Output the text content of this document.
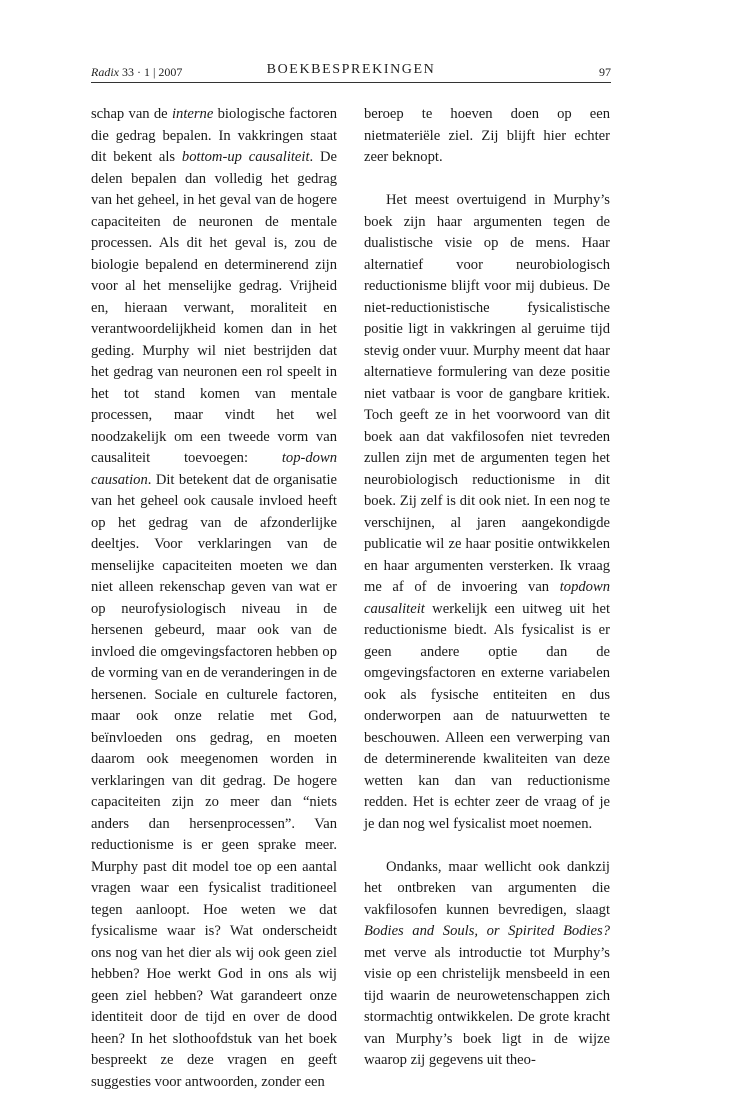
Radix 33 · 1 | 2007	BOEKBESPREKINGEN	97

schap van de interne biologische factoren die gedrag bepalen. In vakkringen staat dit bekent als bottom-up causaliteit. De delen bepalen dan volledig het gedrag van het geheel, in het geval van de hogere capaciteiten de neuronen de mentale processen. Als dit het geval is, zou de biologie bepalend en determinerend zijn voor al het menselijke gedrag. Vrijheid en, hieraan verwant, moraliteit en verantwoordelijkheid komen dan in het geding. Murphy wil niet bestrijden dat het gedrag van neuronen een rol speelt in het tot stand komen van mentale processen, maar vindt het wel noodzakelijk om een tweede vorm van causaliteit toevoegen: top-down causation. Dit betekent dat de organisatie van het geheel ook causale invloed heeft op het gedrag van de afzonderlijke deeltjes. Voor verklaringen van de menselijke capaciteiten moeten we dan niet alleen rekenschap geven van wat er op neurofysiologisch niveau in de hersenen gebeurd, maar ook van de invloed die omgevingsfactoren hebben op de vorming van en de veranderingen in de hersenen. Sociale en culturele factoren, maar ook onze relatie met God, beïnvloeden ons gedrag, en moeten daarom ook meegenomen worden in verklaringen van dit gedrag. De hogere capaciteiten zijn zo meer dan “niets anders dan hersenprocessen”. Van reductionisme is er geen sprake meer. Murphy past dit model toe op een aantal vragen waar een fysicalist traditioneel tegen aanloopt. Hoe weten we dat fysicalisme waar is? Wat onderscheidt ons nog van het dier als wij ook geen ziel hebben? Hoe werkt God in ons als wij geen ziel hebben? Wat garandeert onze identiteit door de tijd en over de dood heen? In het slothoofdstuk van het boek bespreekt ze deze vragen en geeft suggesties voor antwoorden, zonder een

beroep te hoeven doen op een nietmateriële ziel. Zij blijft hier echter zeer beknopt.

Het meest overtuigend in Murphy’s boek zijn haar argumenten tegen de dualistische visie op de mens. Haar alternatief voor neurobiologisch reductionisme blijft voor mij dubieus. De niet-reductionistische fysicalistische positie ligt in vakkringen al geruime tijd stevig onder vuur. Murphy meent dat haar alternatieve formulering van deze positie niet vatbaar is voor de gangbare kritiek. Toch geeft ze in het voorwoord van dit boek aan dat vakfilosofen niet tevreden zullen zijn met de argumenten tegen het neurobiologisch reductionisme in dit boek. Zij zelf is dit ook niet. In een nog te verschijnen, al jaren aangekondigde publicatie wil ze haar positie ontwikkelen en haar argumenten versterken. Ik vraag me af of de invoering van topdown causaliteit werkelijk een uitweg uit het reductionisme biedt. Als fysicalist is er geen andere optie dan de omgevingsfactoren en externe variabelen ook als fysische entiteiten en dus onderworpen aan de natuurwetten te beschouwen. Alleen een verwerping van de determinerende kwaliteiten van deze wetten kan dan van reductionisme redden. Het is echter zeer de vraag of je je dan nog wel fysicalist moet noemen.

Ondanks, maar wellicht ook dankzij het ontbreken van argumenten die vakfilosofen kunnen bevredigen, slaagt Bodies and Souls, or Spirited Bodies? met verve als introductie tot Murphy’s visie op een christelijk mensbeeld in een tijd waarin de neurowetenschappen zich stormachtig ontwikkelen. De grote kracht van Murphy’s boek ligt in de wijze waarop zij gegevens uit theo-
